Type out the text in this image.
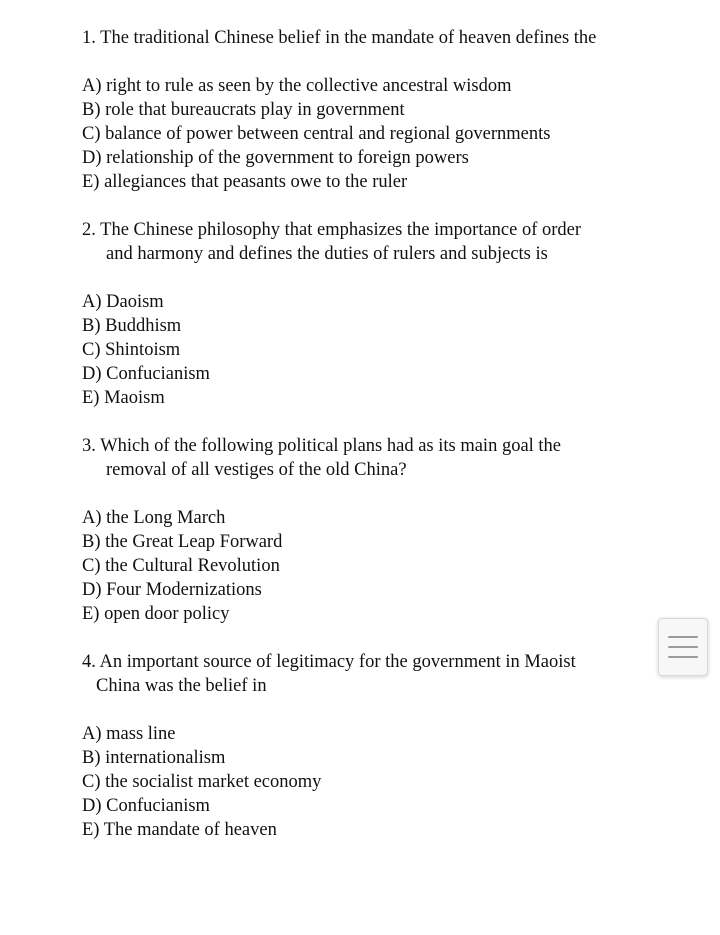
1. The traditional Chinese belief in the mandate of heaven defines the
A) right to rule as seen by the collective ancestral wisdom
B) role that bureaucrats play in government
C) balance of power between central and regional governments
D) relationship of the government to foreign powers
E) allegiances that peasants owe to the ruler
2. The Chinese philosophy that emphasizes the importance of order
and harmony and defines the duties of rulers and subjects is
A) Daoism
B) Buddhism
C) Shintoism
D) Confucianism
E) Maoism
3. Which of the following political plans had as its main goal the
removal of all vestiges of the old China?
A) the Long March
B) the Great Leap Forward
C) the Cultural Revolution
D) Four Modernizations
E) open door policy
4. An important source of legitimacy for the government in Maoist
China was the belief in
A) mass line
B) internationalism
C) the socialist market economy
D) Confucianism
E) The mandate of heaven
